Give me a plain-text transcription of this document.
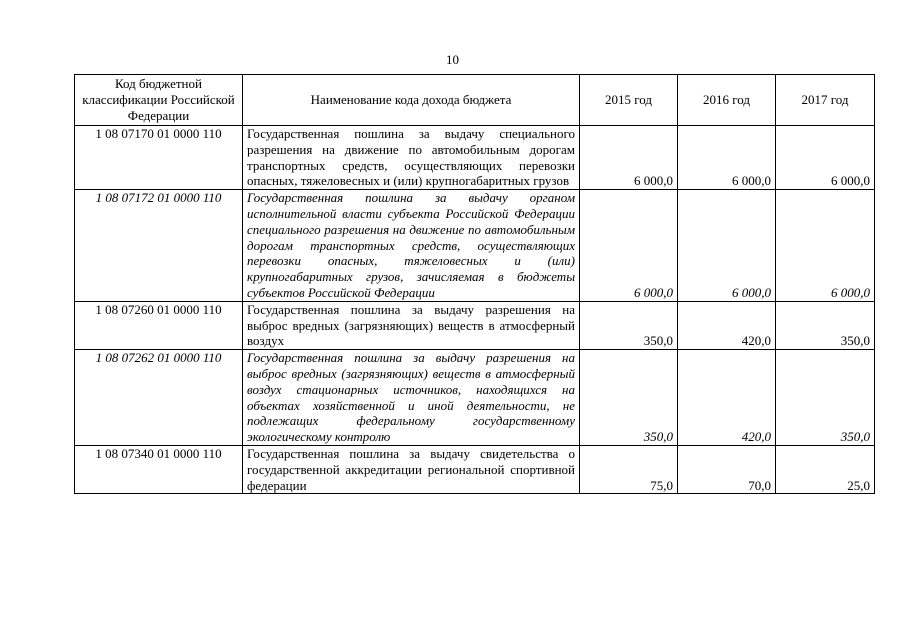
10
Код бюджетной классификации Российской Федерации	Наименование кода дохода бюджета	2015 год	2016 год	2017 год
1 08 07170 01 0000 110	Государственная пошлина за выдачу специального разрешения на движение по автомобильным дорогам транспортных средств, осуществляющих перевозки опасных, тяжеловесных и (или) крупногабаритных грузов	6 000,0	6 000,0	6 000,0
1 08 07172 01 0000 110	Государственная пошлина за выдачу органом исполнительной власти субъекта Российской Федерации специального разрешения на движение по автомобильным дорогам транспортных средств, осуществляющих перевозки опасных, тяжеловесных и (или) крупногабаритных грузов, зачисляемая в бюджеты субъектов Российской Федерации	6 000,0	6 000,0	6 000,0
1 08 07260 01 0000 110	Государственная пошлина за выдачу разрешения на выброс вредных (загрязняющих) веществ в атмосферный воздух	350,0	420,0	350,0
1 08 07262 01 0000 110	Государственная пошлина за выдачу разрешения на выброс вредных (загрязняющих) веществ в атмосферный воздух стационарных источников, находящихся на объектах хозяйственной и иной деятельности, не подлежащих федеральному государственному экологическому контролю	350,0	420,0	350,0
1 08 07340 01 0000 110	Государственная пошлина за выдачу свидетельства о государственной аккредитации региональной спортивной федерации	75,0	70,0	25,0
